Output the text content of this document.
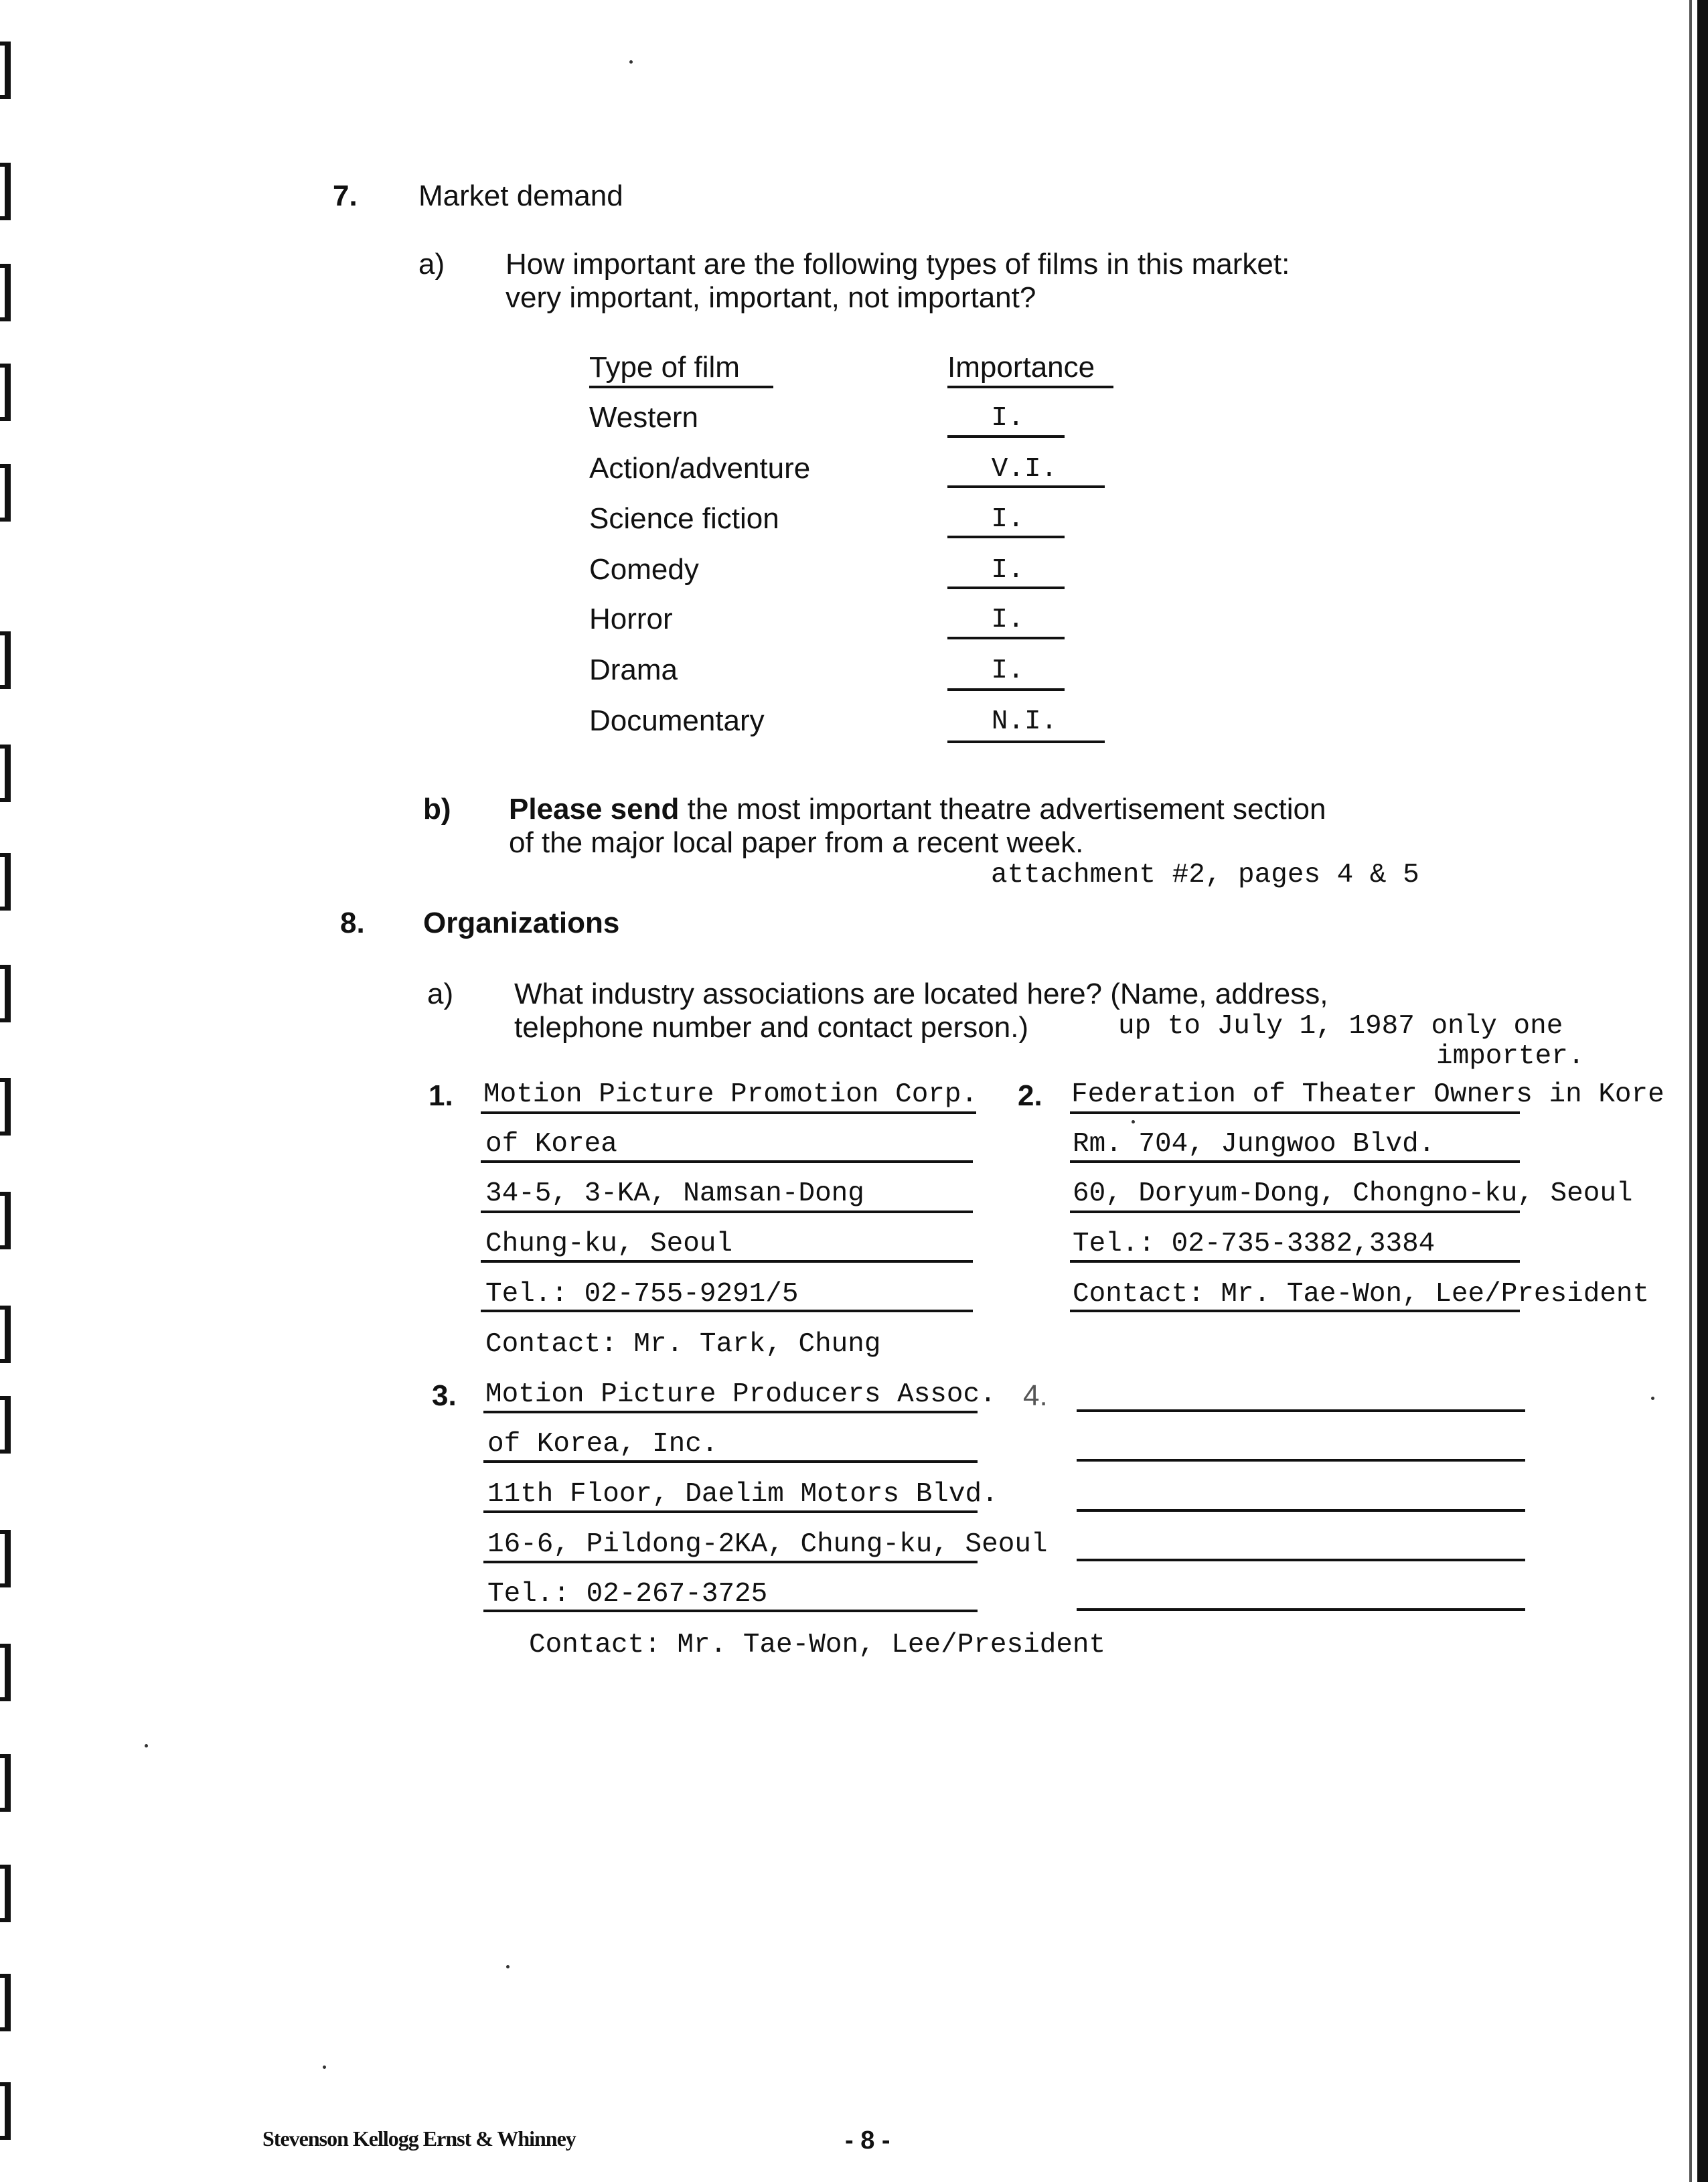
7. Market demand
a) How important are the following types of films in this market:
very important, important, not important?
Type of film	Importance
Western	I.
Action/adventure	V.I.
Science fiction	I.
Comedy	I.
Horror	I.
Drama	I.
Documentary	N.I.
b) Please send the most important theatre advertisement section
of the major local paper from a recent week.
attachment #2, pages 4 & 5
8. Organizations
a) What industry associations are located here? (Name, address,
telephone number and contact person.)	up to July 1, 1987 only one
importer.
1. Motion Picture Promotion Corp.
of Korea
34-5, 3-KA, Namsan-Dong
Chung-ku, Seoul
Tel.: 02-755-9291/5
Contact: Mr. Tark, Chung
2. Federation of Theater Owners in Kore
Rm. 704, Jungwoo Blvd.
60, Doryum-Dong, Chongno-ku, Seoul
Tel.: 02-735-3382,3384
Contact: Mr. Tae-Won, Lee/President
3. Motion Picture Producers Assoc.
of Korea, Inc.
11th Floor, Daelim Motors Blvd.
16-6, Pildong-2KA, Chung-ku, Seoul
Tel.: 02-267-3725
Contact: Mr. Tae-Won, Lee/President
4.
Stevenson Kellogg Ernst & Whinney	- 8 -
